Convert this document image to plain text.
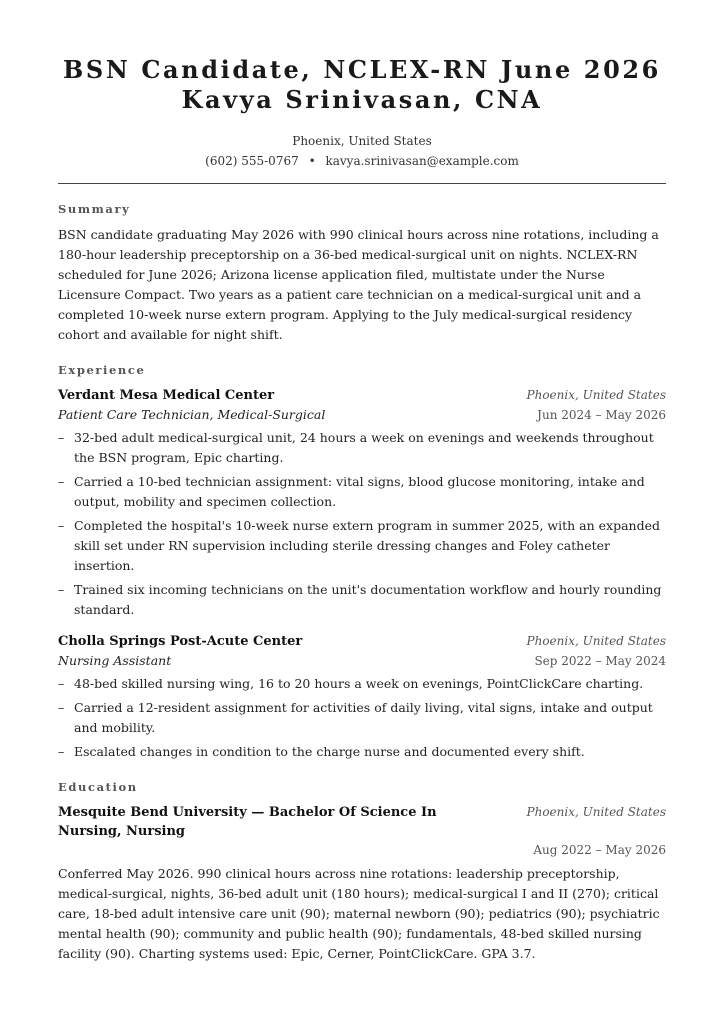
BSN Candidate, NCLEX-RN June 2026 Kavya Srinivasan, CNA
Phoenix, United States
(602) 555-0767 • kavya.srinivasan@example.com
Summary

BSN candidate graduating May 2026 with 990 clinical hours across nine rotations, including a 180-hour leadership preceptorship on a 36-bed medical-surgical unit on nights. NCLEX-RN scheduled for June 2026; Arizona license application filed, multistate under the Nurse Licensure Compact. Two years as a patient care technician on a medical-surgical unit and a completed 10-week nurse extern program. Applying to the July medical-surgical residency cohort and available for night shift.

Experience
Verdant Mesa Medical Center	Phoenix, United States
Patient Care Technician, Medical-Surgical	Jun 2024 – May 2026
– 32-bed adult medical-surgical unit, 24 hours a week on evenings and weekends throughout the BSN program, Epic charting.
– Carried a 10-bed technician assignment: vital signs, blood glucose monitoring, intake and output, mobility and specimen collection.
– Completed the hospital's 10-week nurse extern program in summer 2025, with an expanded skill set under RN supervision including sterile dressing changes and Foley catheter insertion.
– Trained six incoming technicians on the unit's documentation workflow and hourly rounding standard.
Cholla Springs Post-Acute Center	Phoenix, United States
Nursing Assistant	Sep 2022 – May 2024
– 48-bed skilled nursing wing, 16 to 20 hours a week on evenings, PointClickCare charting.
– Carried a 12-resident assignment for activities of daily living, vital signs, intake and output and mobility.
– Escalated changes in condition to the charge nurse and documented every shift.
Education
Mesquite Bend University — Bachelor Of Science In Nursing, Nursing
Phoenix, United States
Aug 2022 – May 2026

Conferred May 2026. 990 clinical hours across nine rotations: leadership preceptorship, medical-surgical, nights, 36-bed adult unit (180 hours); medical-surgical I and II (270); critical care, 18-bed adult intensive care unit (90); maternal newborn (90); pediatrics (90); psychiatric mental health (90); community and public health (90); fundamentals, 48-bed skilled nursing facility (90). Charting systems used: Epic, Cerner, PointClickCare. GPA 3.7.
